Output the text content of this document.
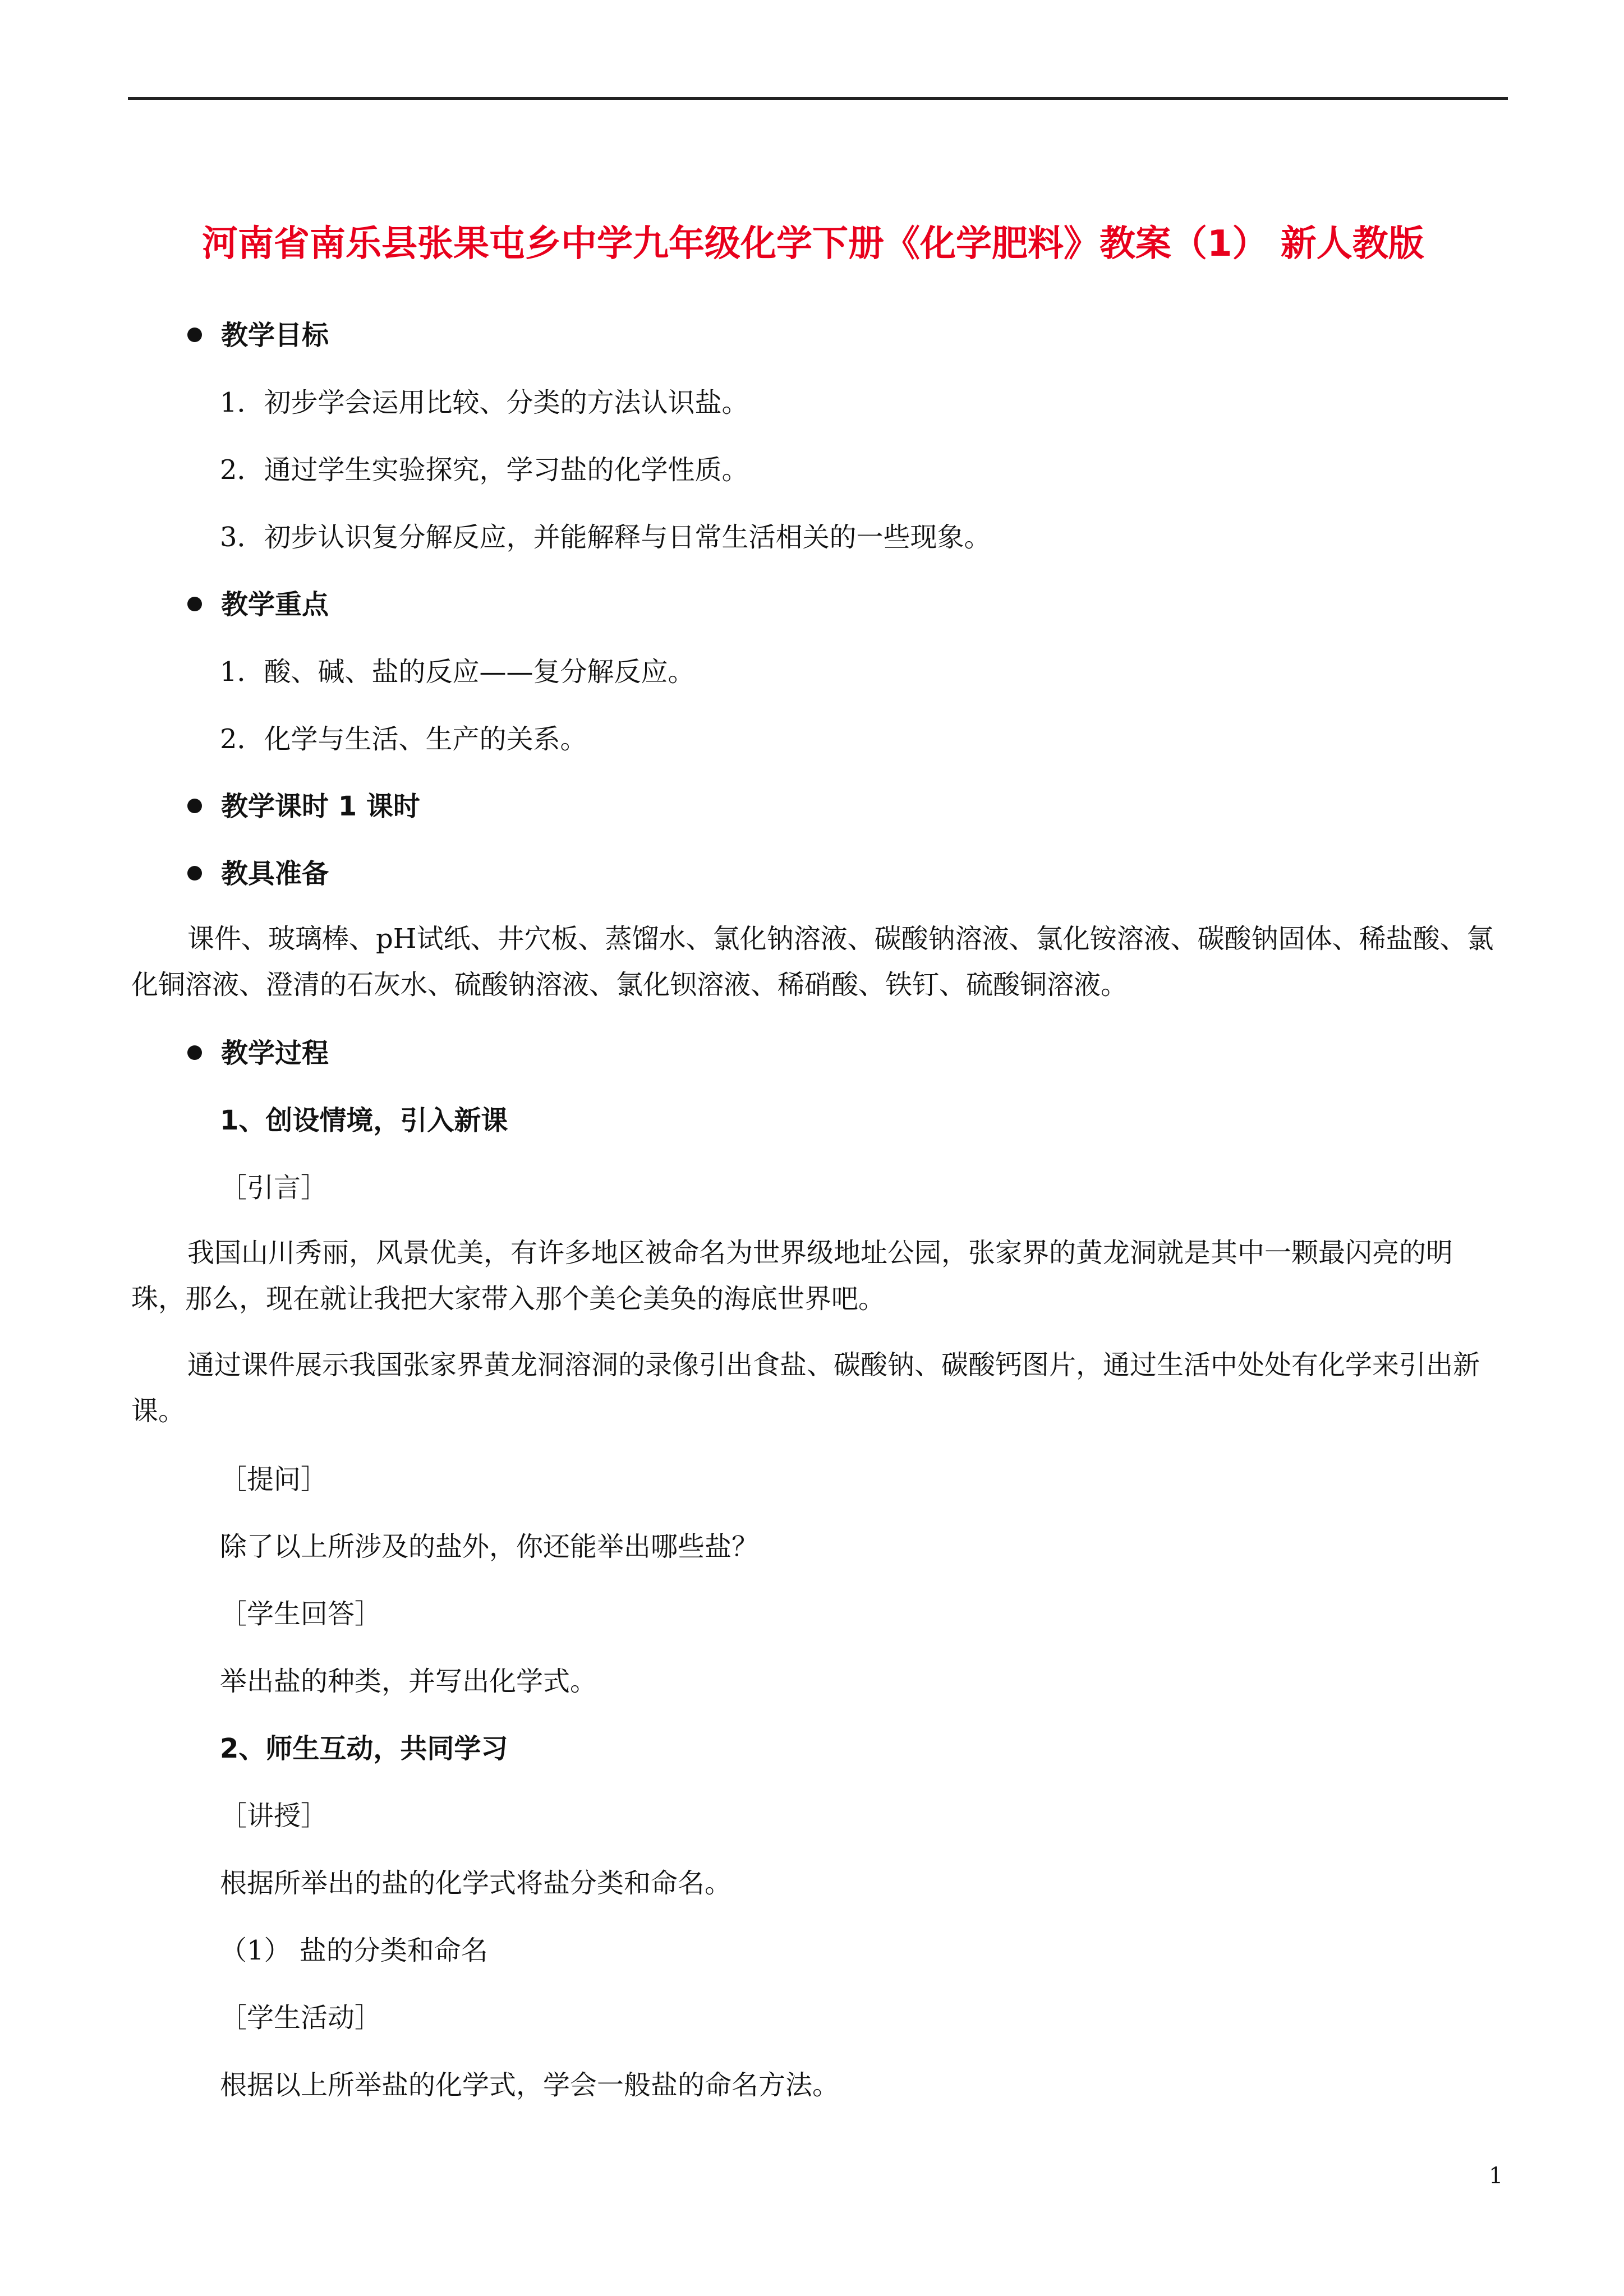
河南省南乐县张果屯乡中学九年级化学下册《化学肥料》教案（1） 新人教版
教学目标
1．初步学会运用比较、分类的方法认识盐。
2．通过学生实验探究，学习盐的化学性质。
3．初步认识复分解反应，并能解释与日常生活相关的一些现象。
教学重点
1．酸、碱、盐的反应——复分解反应。
2．化学与生活、生产的关系。
教学课时 1 课时
教具准备
课件、玻璃棒、pH试纸、井穴板、蒸馏水、氯化钠溶液、碳酸钠溶液、氯化铵溶液、碳酸钠固体、稀盐酸、氯化铜溶液、澄清的石灰水、硫酸钠溶液、氯化钡溶液、稀硝酸、铁钉、硫酸铜溶液。
教学过程
1、创设情境，引入新课
［引言］
我国山川秀丽，风景优美，有许多地区被命名为世界级地址公园，张家界的黄龙洞就是其中一颗最闪亮的明珠，那么，现在就让我把大家带入那个美仑美奂的海底世界吧。
通过课件展示我国张家界黄龙洞溶洞的录像引出食盐、碳酸钠、碳酸钙图片，通过生活中处处有化学来引出新课。
［提问］
除了以上所涉及的盐外，你还能举出哪些盐？
［学生回答］
举出盐的种类，并写出化学式。
2、师生互动，共同学习
［讲授］
根据所举出的盐的化学式将盐分类和命名。
（1） 盐的分类和命名
［学生活动］
根据以上所举盐的化学式，学会一般盐的命名方法。
1
